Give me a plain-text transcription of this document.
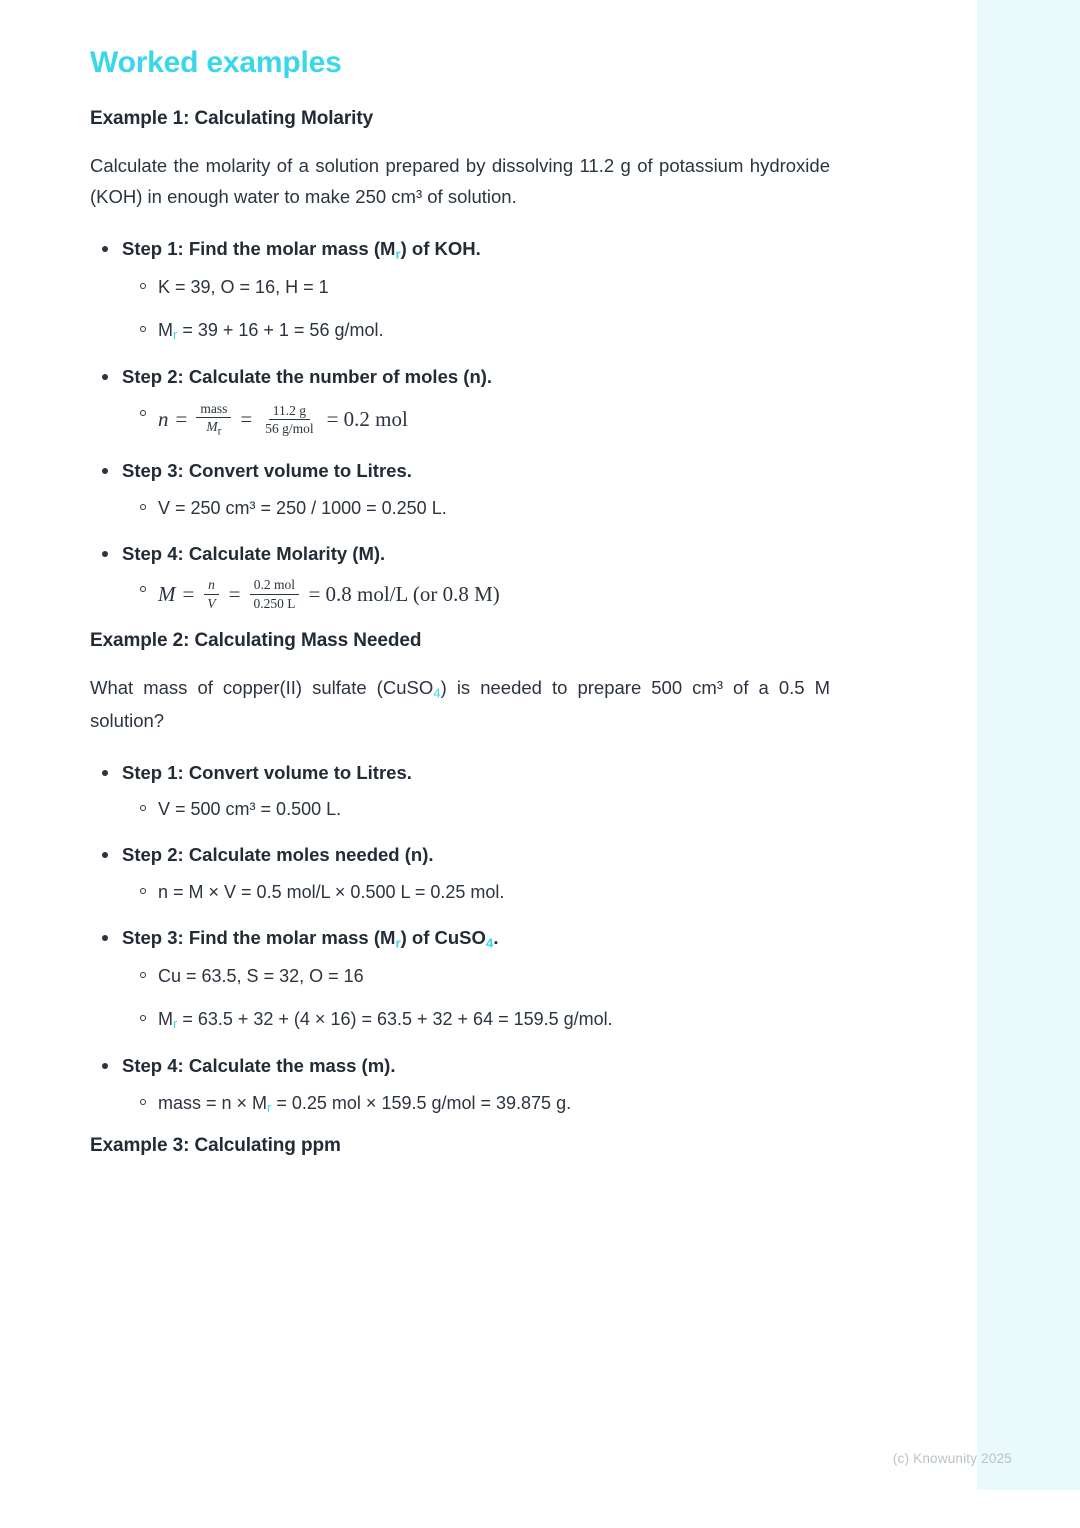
Worked examples
Example 1: Calculating Molarity

Calculate the molarity of a solution prepared by dissolving 11.2 g of potassium hydroxide (KOH) in enough water to make 250 cm³ of solution.

Step 1: Find the molar mass $(M_r)$ of KOH.
K = 39, O = 16, H = 1
$M_r = 39 + 16 + 1 = 56$ g/mol.
Step 2: Calculate the number of moles (n).
$n = \frac{\text{mass}}{M_r} = \frac{11.2 g}{\text{56 g/mol}} = 0.2$ mol
Step 3: Convert volume to Litres.
V = 250 cm³ = 250 / 1000 = 0.250 L.
Step 4: Calculate Molarity (M).
$M = \frac{n}{V} = \frac{\text{0.2 mol}}{0.250 L} = 0.8$ mol/L (or 0.8 M)
Example 2: Calculating Mass Needed

What mass of copper(II) sulfate (CuSO$_4$) is needed to prepare 500 cm³ of a 0.5 M solution?

Step 1: Convert volume to Litres.
V = 500 cm³ = 0.500 L.
Step 2: Calculate moles needed (n).
n = M × V = 0.5 mol/L × 0.500 L = 0.25 mol.
Step 3: Find the molar mass $(M_r)$ of CuSO$_4$.
Cu = 63.5, S = 32, O = 16
$M_r = 63.5 + 32 + (4 \times 16) = 63.5 + 32 + 64 = 159.5$ g/mol.
Step 4: Calculate the mass (m).
mass = $n \times M_r = 0.25$ mol × 159.5 g/mol = 39.875 g.
Example 3: Calculating ppm
(c) Knowunity 2025
